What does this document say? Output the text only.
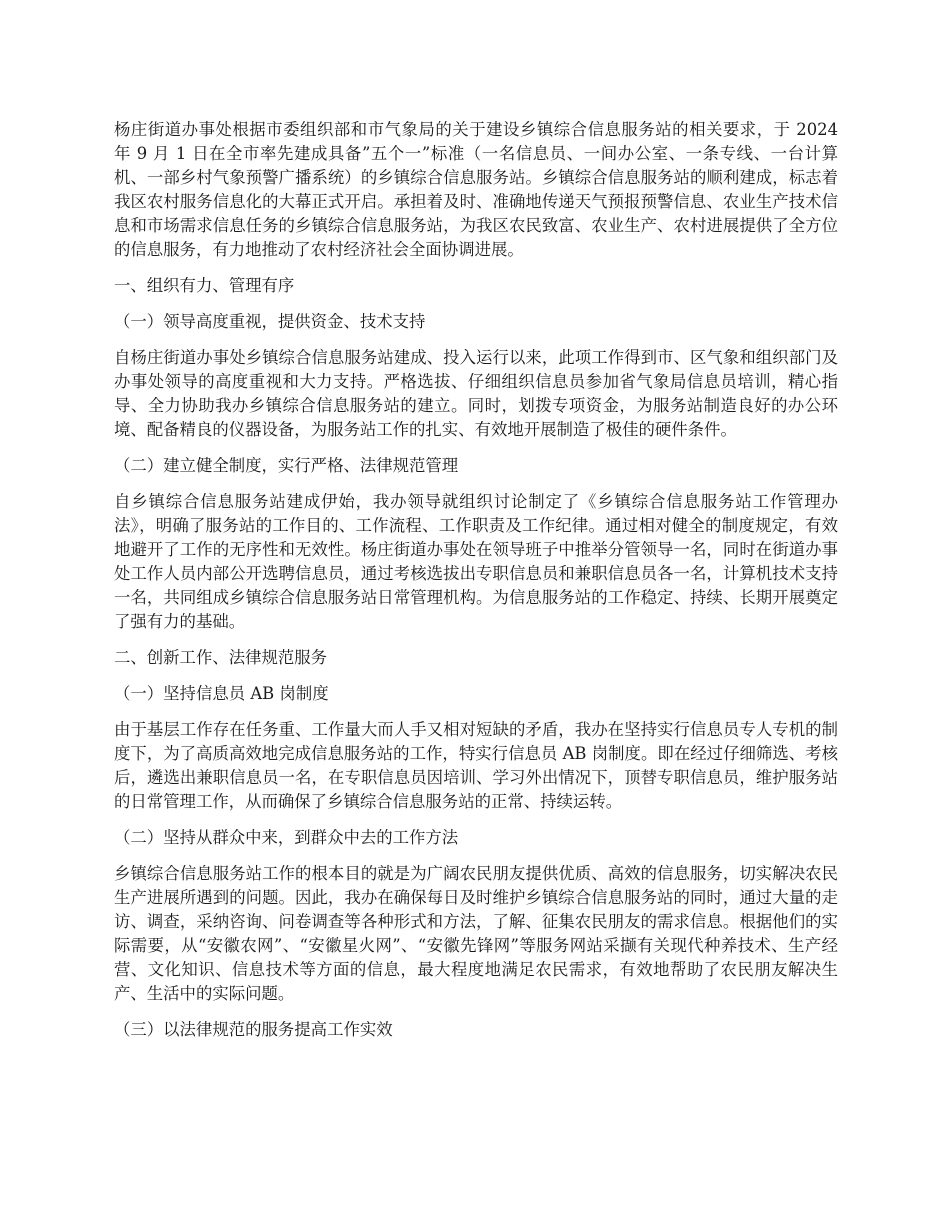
杨庄街道办事处根据市委组织部和市气象局的关于建设乡镇综合信息服务站的相关要求，于 2024 年 9 月 1 日在全市率先建成具备”五个一”标准（一名信息员、一间办公室、一条专线、一台计算机、一部乡村气象预警广播系统）的乡镇综合信息服务站。乡镇综合信息服务站的顺利建成，标志着我区农村服务信息化的大幕正式开启。承担着及时、准确地传递天气预报预警信息、农业生产技术信息和市场需求信息任务的乡镇综合信息服务站，为我区农民致富、农业生产、农村进展提供了全方位的信息服务，有力地推动了农村经济社会全面协调进展。

一、组织有力、管理有序

（一）领导高度重视，提供资金、技术支持

自杨庄街道办事处乡镇综合信息服务站建成、投入运行以来，此项工作得到市、区气象和组织部门及办事处领导的高度重视和大力支持。严格选拔、仔细组织信息员参加省气象局信息员培训，精心指导、全力协助我办乡镇综合信息服务站的建立。同时，划拨专项资金，为服务站制造良好的办公环境、配备精良的仪器设备，为服务站工作的扎实、有效地开展制造了极佳的硬件条件。

（二）建立健全制度，实行严格、法律规范管理

自乡镇综合信息服务站建成伊始，我办领导就组织讨论制定了《乡镇综合信息服务站工作管理办法》，明确了服务站的工作目的、工作流程、工作职责及工作纪律。通过相对健全的制度规定，有效地避开了工作的无序性和无效性。杨庄街道办事处在领导班子中推举分管领导一名，同时在街道办事处工作人员内部公开选聘信息员，通过考核选拔出专职信息员和兼职信息员各一名，计算机技术支持一名，共同组成乡镇综合信息服务站日常管理机构。为信息服务站的工作稳定、持续、长期开展奠定了强有力的基础。

二、创新工作、法律规范服务

（一）坚持信息员 AB 岗制度

由于基层工作存在任务重、工作量大而人手又相对短缺的矛盾，我办在坚持实行信息员专人专机的制度下，为了高质高效地完成信息服务站的工作，特实行信息员 AB 岗制度。即在经过仔细筛选、考核后，遴选出兼职信息员一名，在专职信息员因培训、学习外出情况下，顶替专职信息员，维护服务站的日常管理工作，从而确保了乡镇综合信息服务站的正常、持续运转。

（二）坚持从群众中来，到群众中去的工作方法

乡镇综合信息服务站工作的根本目的就是为广阔农民朋友提供优质、高效的信息服务，切实解决农民生产进展所遇到的问题。因此，我办在确保每日及时维护乡镇综合信息服务站的同时，通过大量的走访、调查，采纳咨询、问卷调查等各种形式和方法，了解、征集农民朋友的需求信息。根据他们的实际需要，从“安徽农网”、“安徽星火网”、“安徽先锋网”等服务网站采撷有关现代种养技术、生产经营、文化知识、信息技术等方面的信息，最大程度地满足农民需求，有效地帮助了农民朋友解决生产、生活中的实际问题。

（三）以法律规范的服务提高工作实效
